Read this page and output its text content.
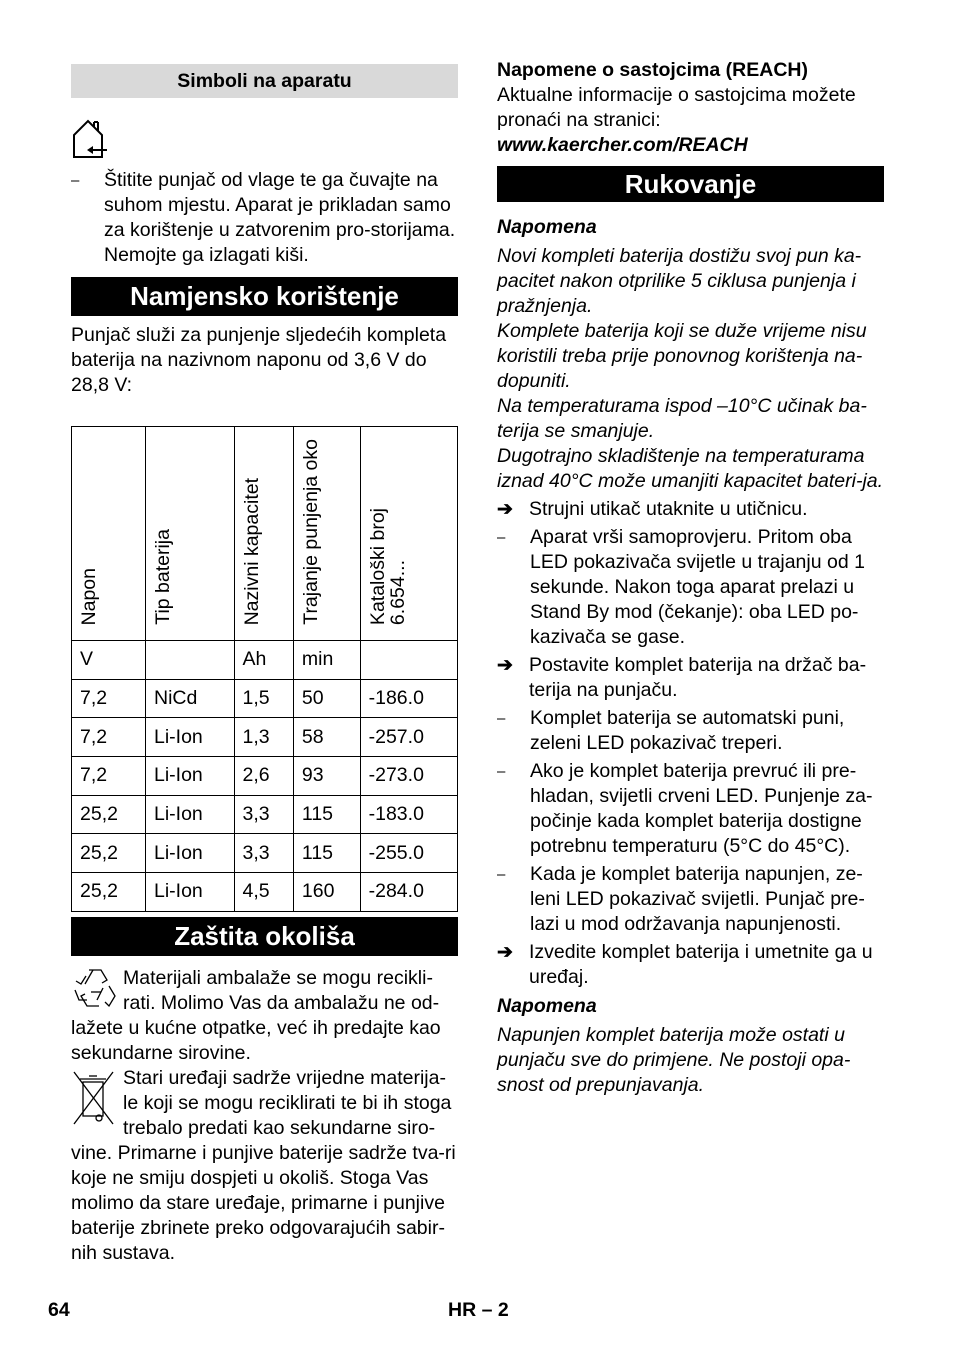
Simboli na aparatu
– Štitite punjač od vlage te ga čuvajte na suhom mjestu. Aparat je prikladan samo za korištenje u zatvorenim pro-storijama. Nemojte ga izlagati kiši.
Namjensko korištenje

Punjač služi za punjenje sljedećih kompleta baterija na nazivnom naponu od 3,6 V do 28,8 V:

Napon	Tip baterija	Nazivni kapacitet	Trajanje punjenja oko	Kataloški broj6.654...
V		Ah	min	
7,2	NiCd	1,5	50	-186.0
7,2	Li-Ion	1,3	58	-257.0
7,2	Li-Ion	2,6	93	-273.0
25,2	Li-Ion	3,3	115	-183.0
25,2	Li-Ion	3,3	115	-255.0
25,2	Li-Ion	4,5	160	-284.0
Zaštita okoliša
Materijali ambalaže se mogu recikli-rati. Molimo Vas da ambalažu ne od-lažete u kućne otpatke, već ih predajte kao sekundarne sirovine.
Stari uređaji sadrže vrijedne materija-le koji se mogu reciklirati te bi ih stoga trebalo predati kao sekundarne siro-vine. Primarne i punjive baterije sadrže tva-ri koje ne smiju dospjeti u okoliš. Stoga Vas molimo da stare uređaje, primarne i punjive baterije zbrinete preko odgovarajućih sabir-nih sustava.
Napomene o sastojcima (REACH)

Aktualne informacije o sastojcima možete pronaći na stranici:

www.kaercher.com/REACH

Rukovanje
Napomena

Novi kompleti baterija dostižu svoj pun ka-pacitet nakon otprilike 5 ciklusa punjenja i pražnjenja.

Komplete baterija koji se duže vrijeme nisu koristili treba prije ponovnog korištenja na-dopuniti.

Na temperaturama ispod –10°C učinak ba-terija se smanjuje.

Dugotrajno skladištenje na temperaturama iznad 40°C može umanjiti kapacitet bateri-ja.

➔ Strujni utikač utaknite u utičnicu.
– Aparat vrši samoprovjeru. Pritom oba LED pokazivača svijetle u trajanju od 1 sekunde. Nakon toga aparat prelazi u Stand By mod (čekanje): oba LED po-kazivača se gase.
➔ Postavite komplet baterija na držač ba-terija na punjaču.
– Komplet baterija se automatski puni, zeleni LED pokazivač treperi.
– Ako je komplet baterija prevruć ili pre-hladan, svijetli crveni LED. Punjenje za-počinje kada komplet baterija dostigne potrebnu temperaturu (5°C do 45°C).
– Kada je komplet baterija napunjen, ze-leni LED pokazivač svijetli. Punjač pre-lazi u mod održavanja napunjenosti.
➔ Izvedite komplet baterija i umetnite ga u uređaj.
Napomena

Napunjen komplet baterija može ostati u punjaču sve do primjene. Ne postoji opa-snost od prepunjavanja.

64	HR – 2
